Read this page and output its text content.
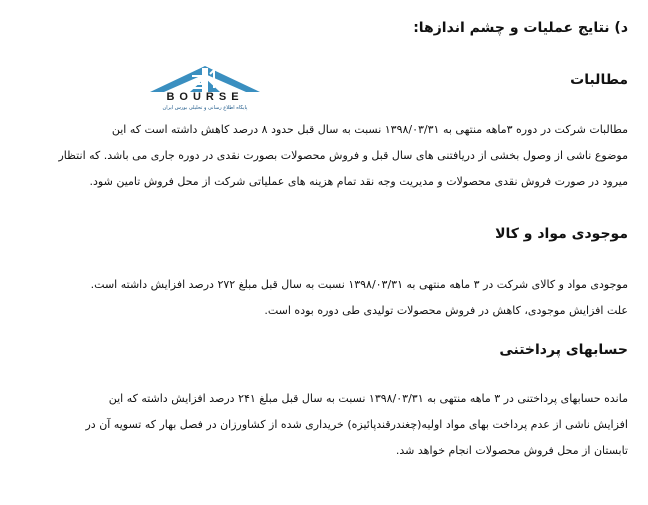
د) نتایج عملیات و چشم اندازها:
BOURSE
پایگاه اطلاع رسانی و تحلیلی بورس ایران
مطالبات
مطالبات شرکت در دوره ۳ماهه منتهی به ۱۳۹۸/۰۳/۳۱ نسبت به سال قبل حدود ۸ درصد کاهش داشته است که این
موضوع ناشی از وصول بخشی از دریافتنی های سال قبل و فروش محصولات بصورت نقدی در دوره جاری می باشد. که انتظار
میرود در صورت فروش نقدی محصولات و مدیریت وجه نقد تمام هزینه های عملیاتی شرکت از محل فروش تامین شود.
موجودی مواد و کالا
موجودی مواد و کالای شرکت در ۳ ماهه منتهی به ۱۳۹۸/۰۳/۳۱ نسبت به سال قبل مبلغ ۲۷۲ درصد افزایش داشته است.
علت افزایش موجودی، کاهش در فروش محصولات تولیدی طی دوره بوده است.
حسابهای پرداختنی
مانده حسابهای پرداختنی در ۳ ماهه منتهی به ۱۳۹۸/۰۳/۳۱ نسبت به سال قبل مبلغ ۲۴۱ درصد افزایش داشته که این
افزایش ناشی از عدم پرداخت بهای مواد اولیه(چغندرقندپائیزه) خریداری شده از کشاورزان در فصل بهار که تسویه آن در
تابستان از محل فروش محصولات انجام خواهد شد.
